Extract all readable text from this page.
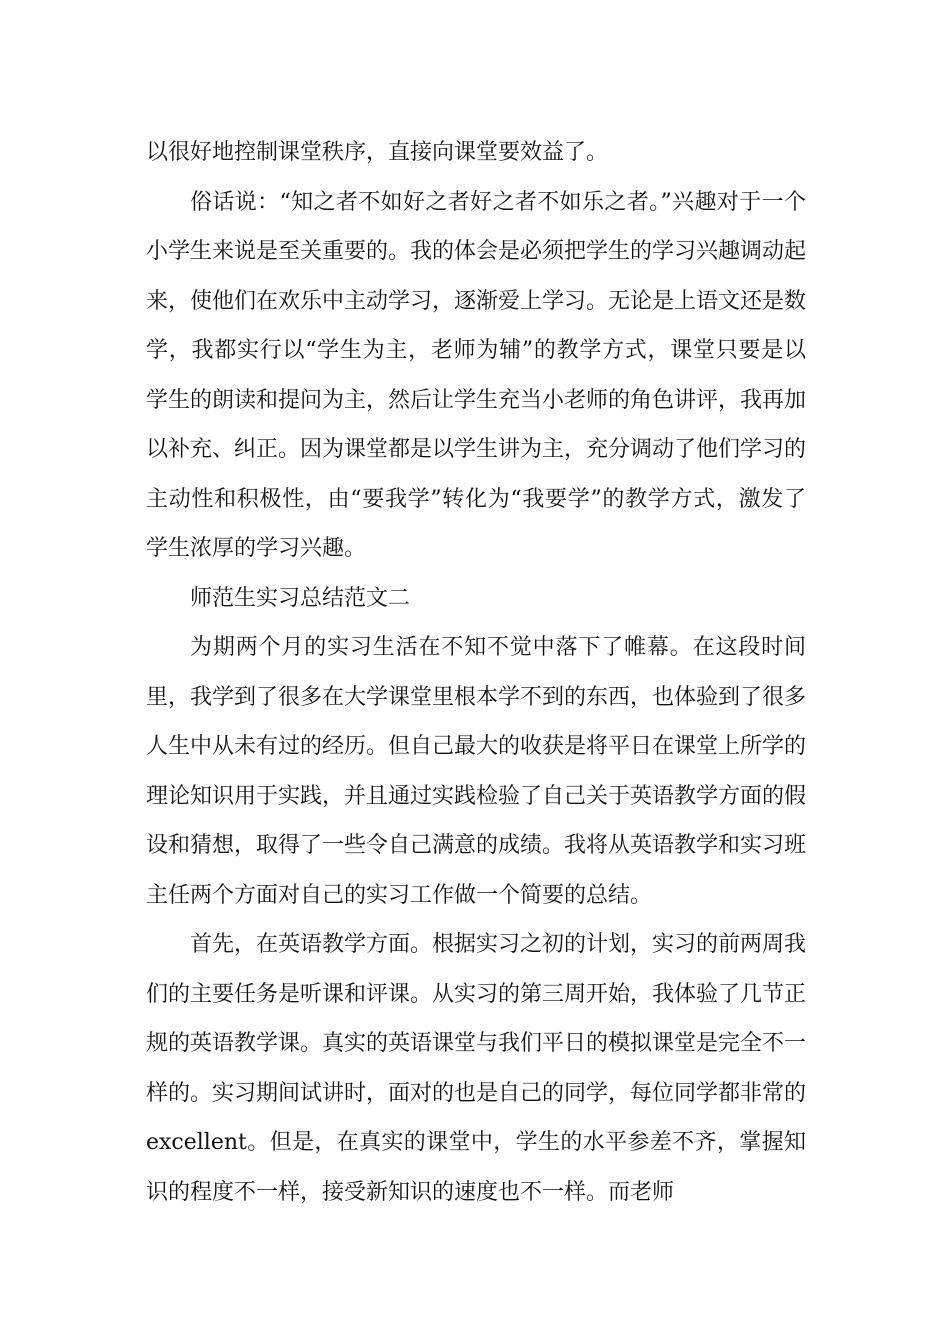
以很好地控制课堂秩序，直接向课堂要效益了。

俗话说：“知之者不如好之者好之者不如乐之者。”兴趣对于一个小学生来说是至关重要的。我的体会是必须把学生的学习兴趣调动起来，使他们在欢乐中主动学习，逐渐爱上学习。无论是上语文还是数学，我都实行以“学生为主，老师为辅”的教学方式，课堂只要是以学生的朗读和提问为主，然后让学生充当小老师的角色讲评，我再加以补充、纠正。因为课堂都是以学生讲为主，充分调动了他们学习的主动性和积极性，由“要我学”转化为“我要学”的教学方式，激发了学生浓厚的学习兴趣。

师范生实习总结范文二

为期两个月的实习生活在不知不觉中落下了帷幕。在这段时间里，我学到了很多在大学课堂里根本学不到的东西，也体验到了很多人生中从未有过的经历。但自己最大的收获是将平日在课堂上所学的理论知识用于实践，并且通过实践检验了自己关于英语教学方面的假设和猜想，取得了一些令自己满意的成绩。我将从英语教学和实习班主任两个方面对自己的实习工作做一个简要的总结。

首先，在英语教学方面。根据实习之初的计划，实习的前两周我们的主要任务是听课和评课。从实习的第三周开始，我体验了几节正规的英语教学课。真实的英语课堂与我们平日的模拟课堂是完全不一样的。实习期间试讲时，面对的也是自己的同学，每位同学都非常的excellent。但是，在真实的课堂中，学生的水平参差不齐，掌握知识的程度不一样，接受新知识的速度也不一样。而老师
